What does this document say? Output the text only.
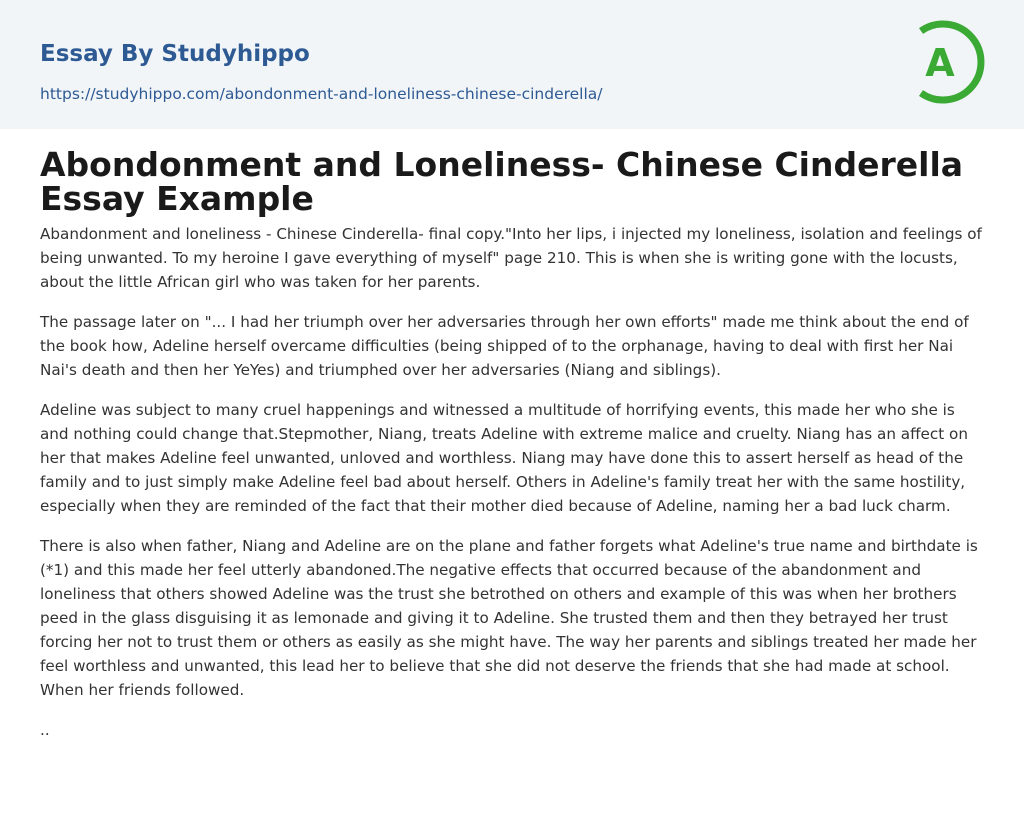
Essay By Studyhippo
https://studyhippo.com/abondonment-and-loneliness-chinese-cinderella/
A
Abondonment and Loneliness- Chinese Cinderella Essay Example

Abandonment and loneliness - Chinese Cinderella- final copy."Into her lips, i injected my loneliness, isolation and feelings of being unwanted. To my heroine I gave everything of myself" page 210. This is when she is writing gone with the locusts, about the little African girl who was taken for her parents.

The passage later on "... I had her triumph over her adversaries through her own efforts" made me think about the end of the book how, Adeline herself overcame difficulties (being shipped of to the orphanage, having to deal with first her Nai Nai's death and then her YeYes) and triumphed over her adversaries (Niang and siblings).

Adeline was subject to many cruel happenings and witnessed a multitude of horrifying events, this made her who she is and nothing could change that.Stepmother, Niang, treats Adeline with extreme malice and cruelty. Niang has an affect on her that makes Adeline feel unwanted, unloved and worthless. Niang may have done this to assert herself as head of the family and to just simply make Adeline feel bad about herself. Others in Adeline's family treat her with the same hostility, especially when they are reminded of the fact that their mother died because of Adeline, naming her a bad luck charm.

There is also when father, Niang and Adeline are on the plane and father forgets what Adeline's true name and birthdate is (*1) and this made her feel utterly abandoned.The negative effects that occurred because of the abandonment and loneliness that others showed Adeline was the trust she betrothed on others and example of this was when her brothers peed in the glass disguising it as lemonade and giving it to Adeline. She trusted them and then they betrayed her trust forcing her not to trust them or others as easily as she might have. The way her parents and siblings treated her made her feel worthless and unwanted, this lead her to believe that she did not deserve the friends that she had made at school. When her friends followed.

..
